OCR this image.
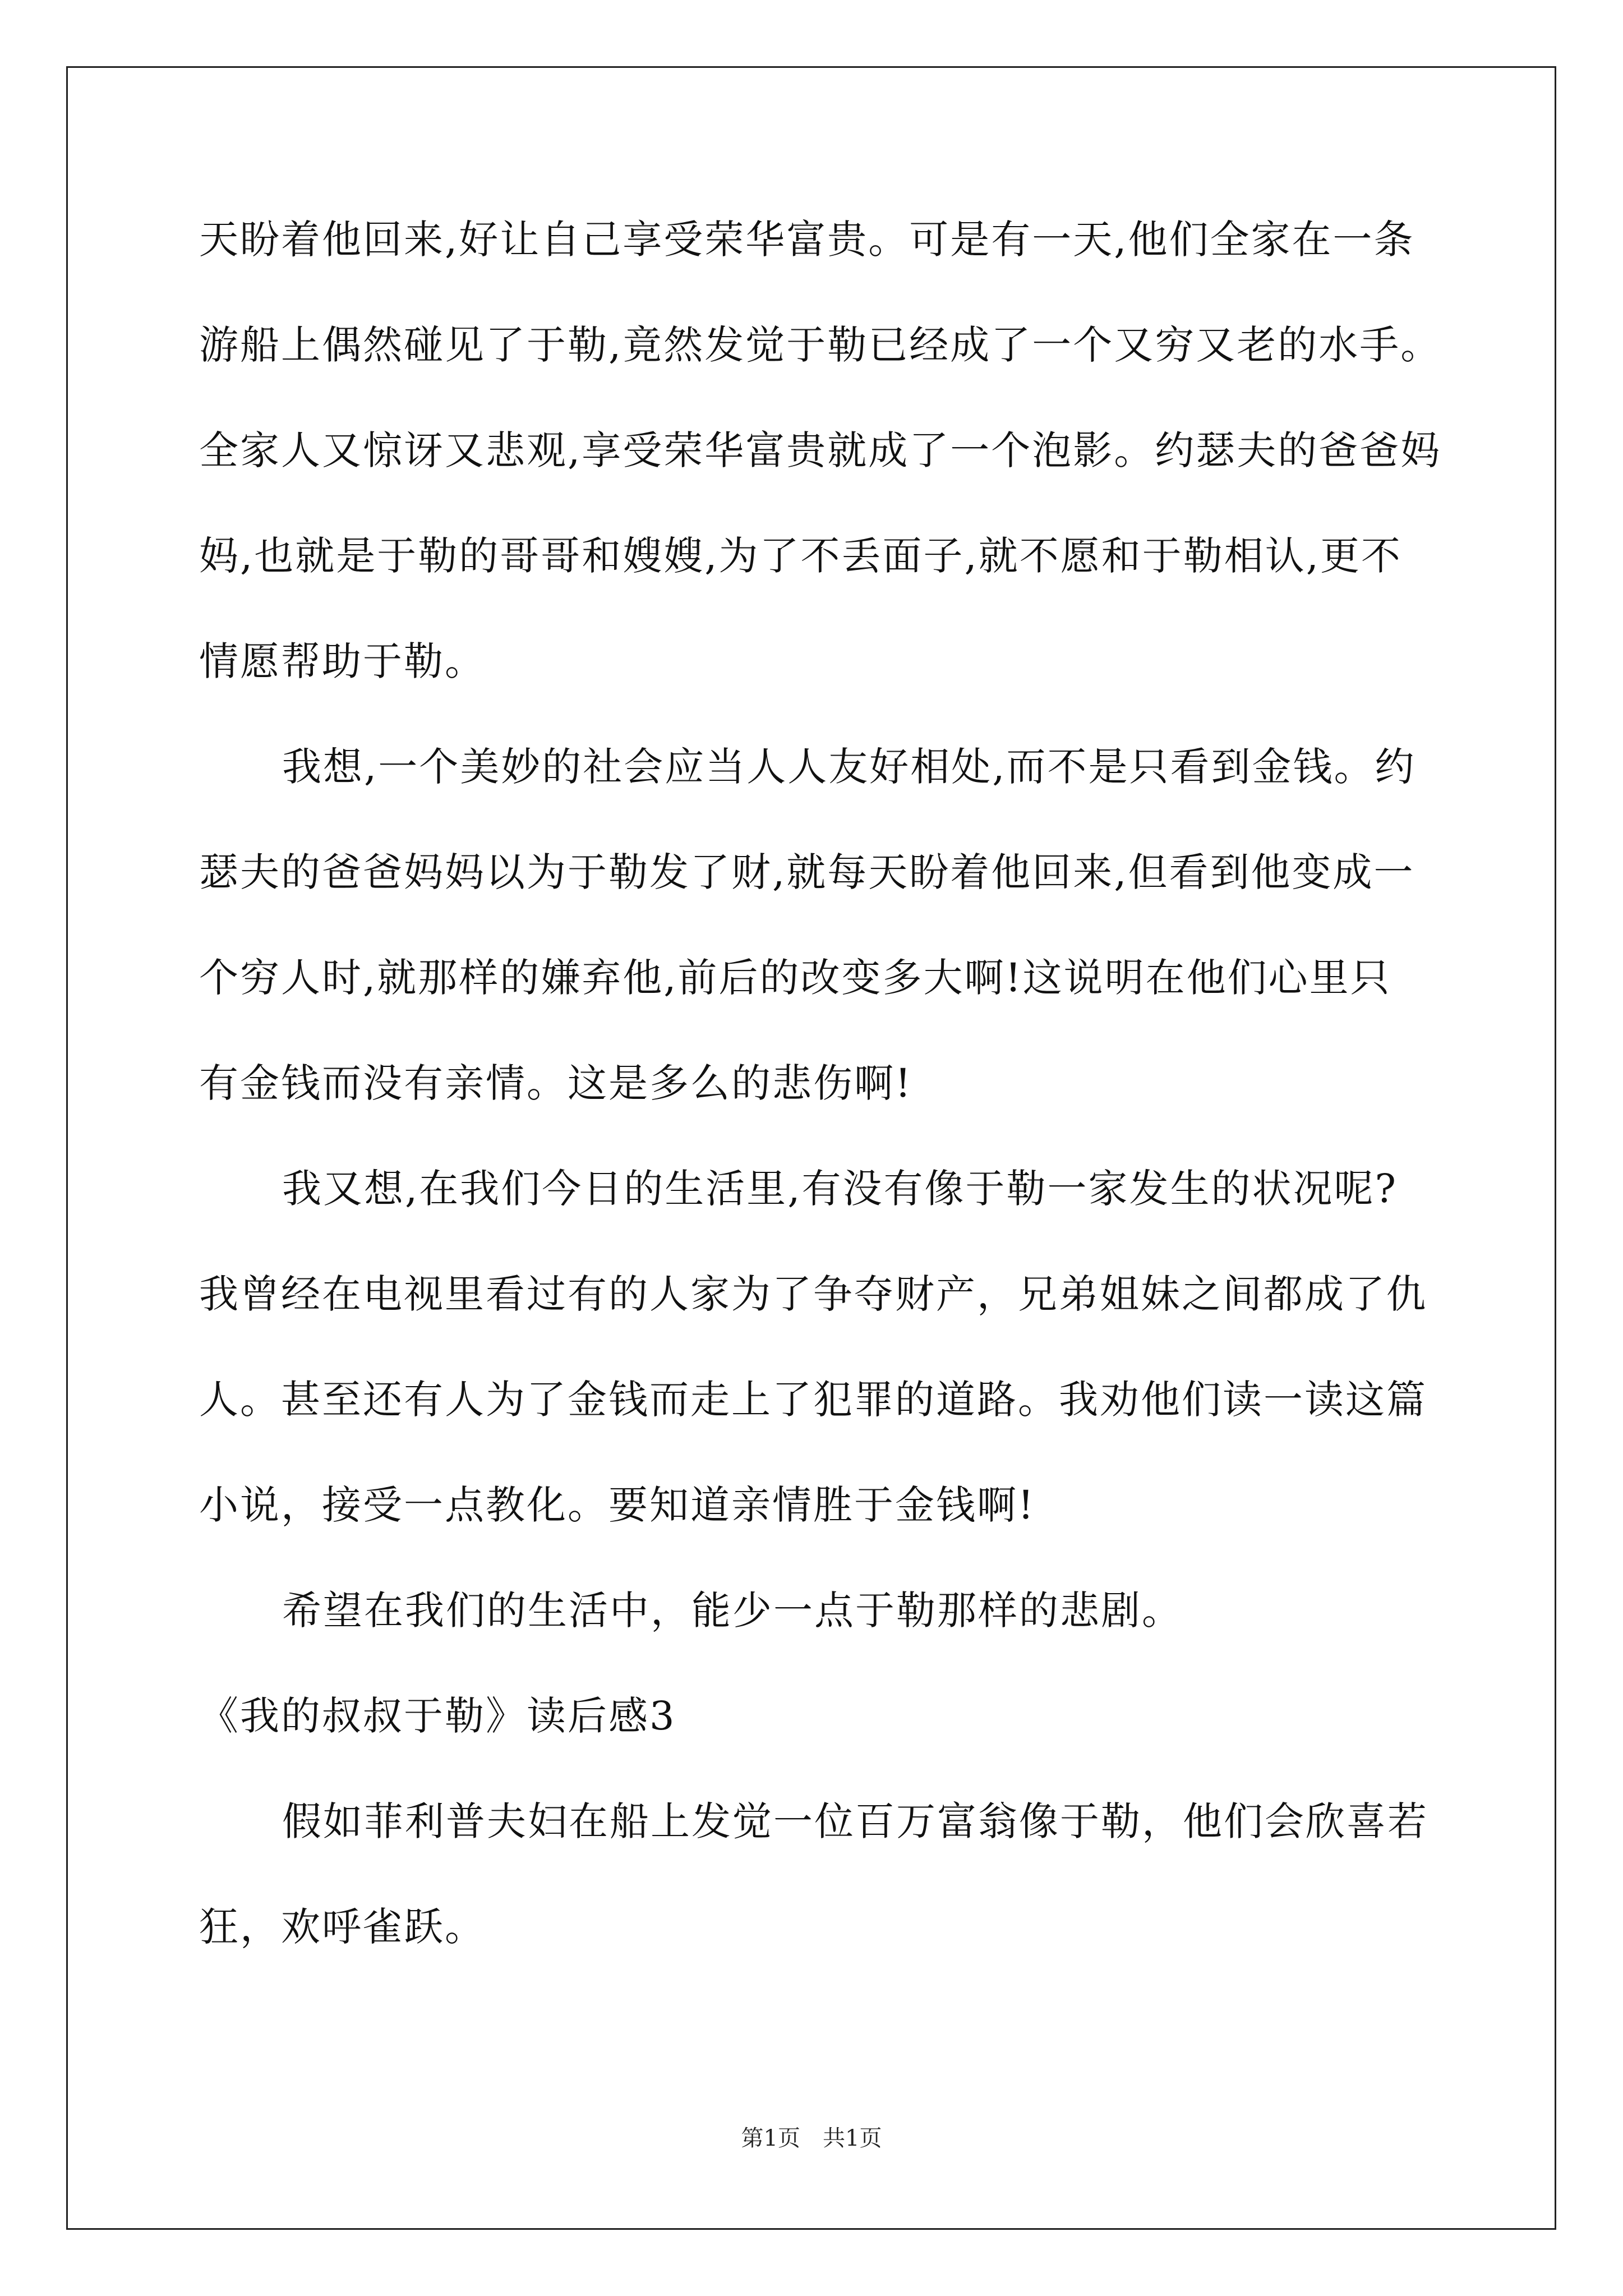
天盼着他回来,好让自己享受荣华富贵。可是有一天,他们全家在一条
游船上偶然碰见了于勒,竟然发觉于勒已经成了一个又穷又老的水手。
全家人又惊讶又悲观,享受荣华富贵就成了一个泡影。约瑟夫的爸爸妈
妈,也就是于勒的哥哥和嫂嫂,为了不丢面子,就不愿和于勒相认,更不
情愿帮助于勒。
我想,一个美妙的社会应当人人友好相处,而不是只看到金钱。约
瑟夫的爸爸妈妈以为于勒发了财,就每天盼着他回来,但看到他变成一
个穷人时,就那样的嫌弃他,前后的改变多大啊!这说明在他们心里只
有金钱而没有亲情。这是多么的悲伤啊!
我又想,在我们今日的生活里,有没有像于勒一家发生的状况呢?
我曾经在电视里看过有的人家为了争夺财产，兄弟姐妹之间都成了仇
人。甚至还有人为了金钱而走上了犯罪的道路。我劝他们读一读这篇
小说，接受一点教化。要知道亲情胜于金钱啊!
希望在我们的生活中，能少一点于勒那样的悲剧。
《我的叔叔于勒》读后感3
假如菲利普夫妇在船上发觉一位百万富翁像于勒，他们会欣喜若
狂，欢呼雀跃。
第1页　共1页
